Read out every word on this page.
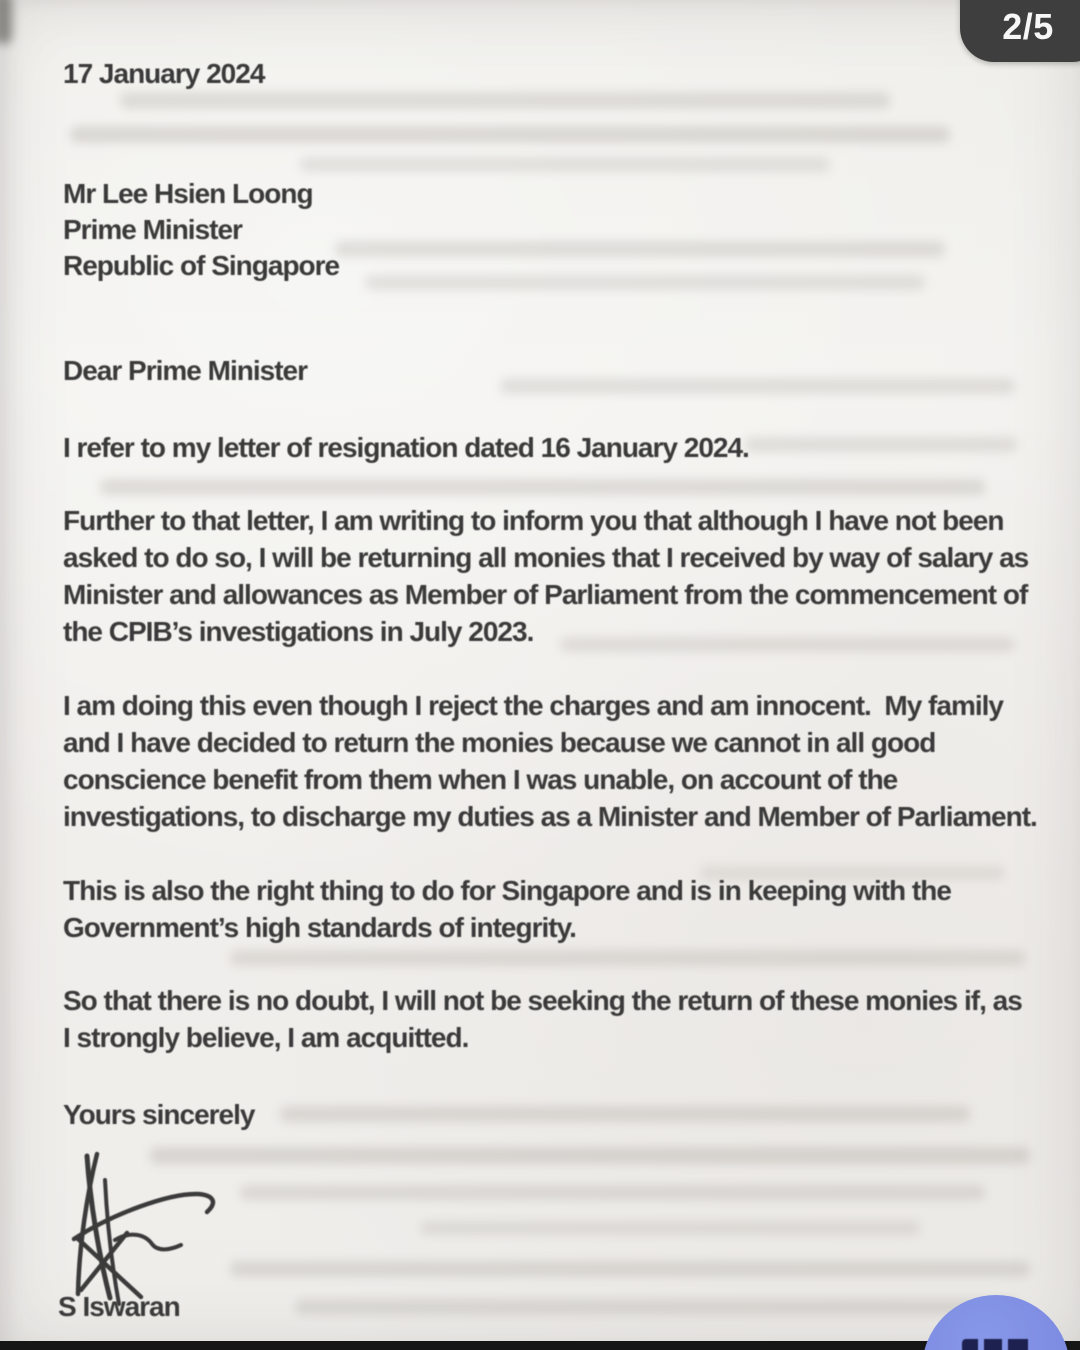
17 January 2024
Mr Lee Hsien Loong
Prime Minister
Republic of Singapore
Dear Prime Minister
I refer to my letter of resignation dated 16 January 2024.
Further to that letter, I am writing to inform you that although I have not been
asked to do so, I will be returning all monies that I received by way of salary as
Minister and allowances as Member of Parliament from the commencement of
the CPIB’s investigations in July 2023.
I am doing this even though I reject the charges and am innocent.  My family
and I have decided to return the monies because we cannot in all good
conscience benefit from them when I was unable, on account of the
investigations, to discharge my duties as a Minister and Member of Parliament.
This is also the right thing to do for Singapore and is in keeping with the
Government’s high standards of integrity.
So that there is no doubt, I will not be seeking the return of these monies if, as
I strongly believe, I am acquitted.
Yours sincerely
S Iswaran
2/5
